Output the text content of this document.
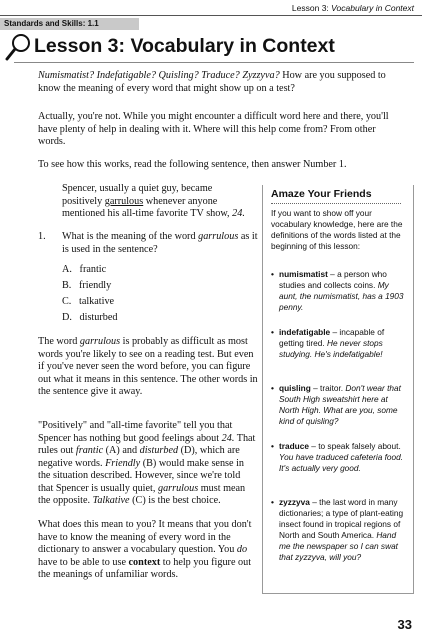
Lesson 3: Vocabulary in Context
Standards and Skills: 1.1
Lesson 3: Vocabulary in Context

Numismatist? Indefatigable? Quisling? Traduce? Zyzzyva? How are you supposed to know the meaning of every word that might show up on a test?

Actually, you're not. While you might encounter a difficult word here and there, you'll have plenty of help in dealing with it. Where will this help come from? From other words.

To see how this works, read the following sentence, then answer Number 1.

Spencer, usually a quiet guy, became positively garrulous whenever anyone mentioned his all-time favorite TV show, 24.

1. What is the meaning of the word garrulous as it is used in the sentence?

A. frantic
B. friendly
C. talkative
D. disturbed

The word garrulous is probably as difficult as most words you're likely to see on a reading test. But even if you've never seen the word before, you can figure out what it means in this sentence. The other words in the sentence give it away.

"Positively" and "all-time favorite" tell you that Spencer has nothing but good feelings about 24. That rules out frantic (A) and disturbed (D), which are negative words. Friendly (B) would make sense in the situation described. However, since we're told that Spencer is usually quiet, garrulous must mean the opposite. Talkative (C) is the best choice.

What does this mean to you? It means that you don't have to know the meaning of every word in the dictionary to answer a vocabulary question. You do have to be able to use context to help you figure out the meanings of unfamiliar words.

Amaze Your Friends
If you want to show off your vocabulary knowledge, here are the definitions of the words listed at the beginning of this lesson:
• numismatist – a person who studies and collects coins. My aunt, the numismatist, has a 1903 penny.
• indefatigable – incapable of getting tired. He never stops studying. He's indefatigable!
• quisling – traitor. Don't wear that South High sweatshirt here at North High. What are you, some kind of quisling?
• traduce – to speak falsely about. You have traduced cafeteria food. It's actually very good.
• zyzzyva – the last word in many dictionaries; a type of plant-eating insect found in tropical regions of North and South America. Hand me the newspaper so I can swat that zyzzyva, will you?
33
